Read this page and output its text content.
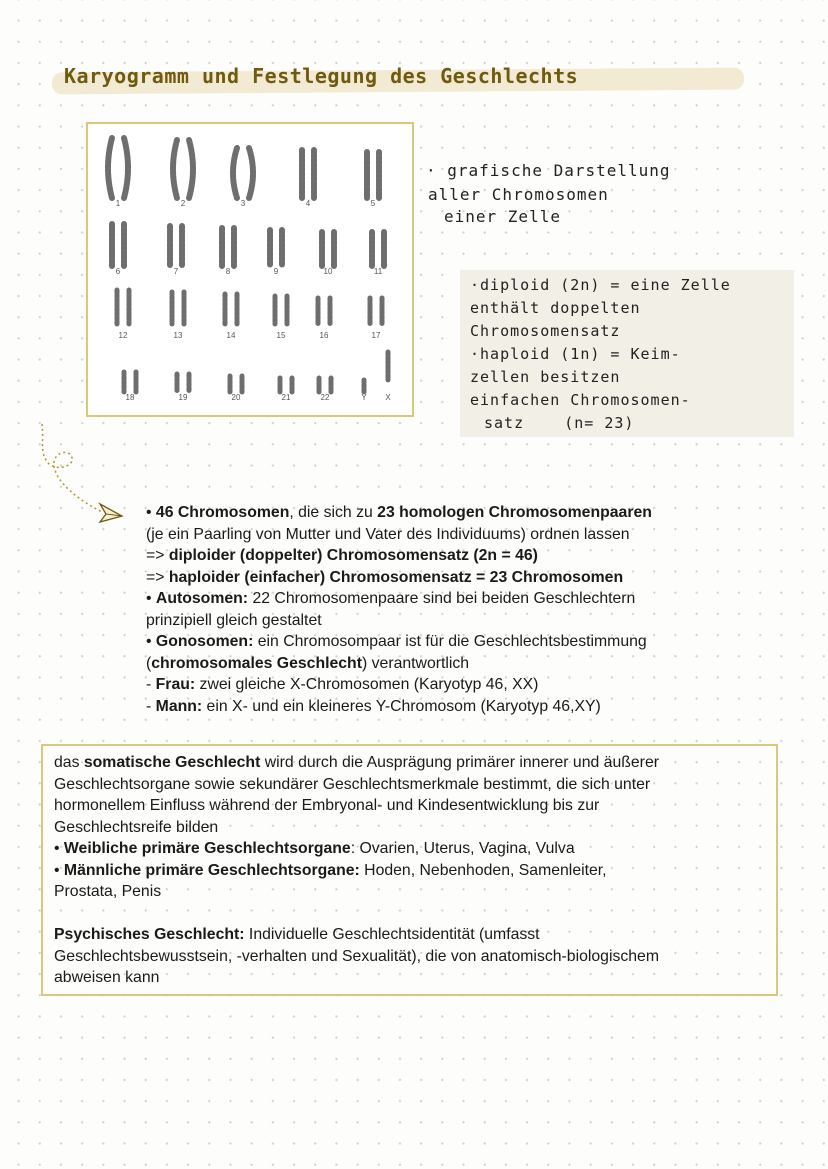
Karyogramm und Festlegung des Geschlechts
1	2	3	4	5
6	7	8	9	10	11
12	13	14	15	16	17
18	19	20	21	22	Y X
· grafische Darstellung
aller Chromosomen
einer Zelle
·diploid (2n) = eine Zelle
enthält doppelten
Chromosomensatz
·haploid (1n) = Keim-
zellen besitzen
einfachen Chromosomen-
satz    (n= 23)
• 46 Chromosomen, die sich zu 23 homologen Chromosomenpaaren
(je ein Paarling von Mutter und Vater des Individuums) ordnen lassen
=> diploider (doppelter) Chromosomensatz (2n = 46)
=> haploider (einfacher) Chromosomensatz = 23 Chromosomen
• Autosomen: 22 Chromosomenpaare sind bei beiden Geschlechtern
prinzipiell gleich gestaltet
• Gonosomen: ein Chromosompaar ist für die Geschlechtsbestimmung
(chromosomales Geschlecht) verantwortlich
- Frau: zwei gleiche X-Chromosomen (Karyotyp 46, XX)
- Mann: ein X- und ein kleineres Y-Chromosom (Karyotyp 46,XY)
das somatische Geschlecht wird durch die Ausprägung primärer innerer und äußerer
Geschlechtsorgane sowie sekundärer Geschlechtsmerkmale bestimmt, die sich unter
hormonellem Einfluss während der Embryonal- und Kindesentwicklung bis zur
Geschlechtsreife bilden
• Weibliche primäre Geschlechtsorgane: Ovarien, Uterus, Vagina, Vulva
• Männliche primäre Geschlechtsorgane: Hoden, Nebenhoden, Samenleiter,
Prostata, Penis
Psychisches Geschlecht: Individuelle Geschlechtsidentität (umfasst
Geschlechtsbewusstsein, -verhalten und Sexualität), die von anatomisch-biologischem
abweisen kann
